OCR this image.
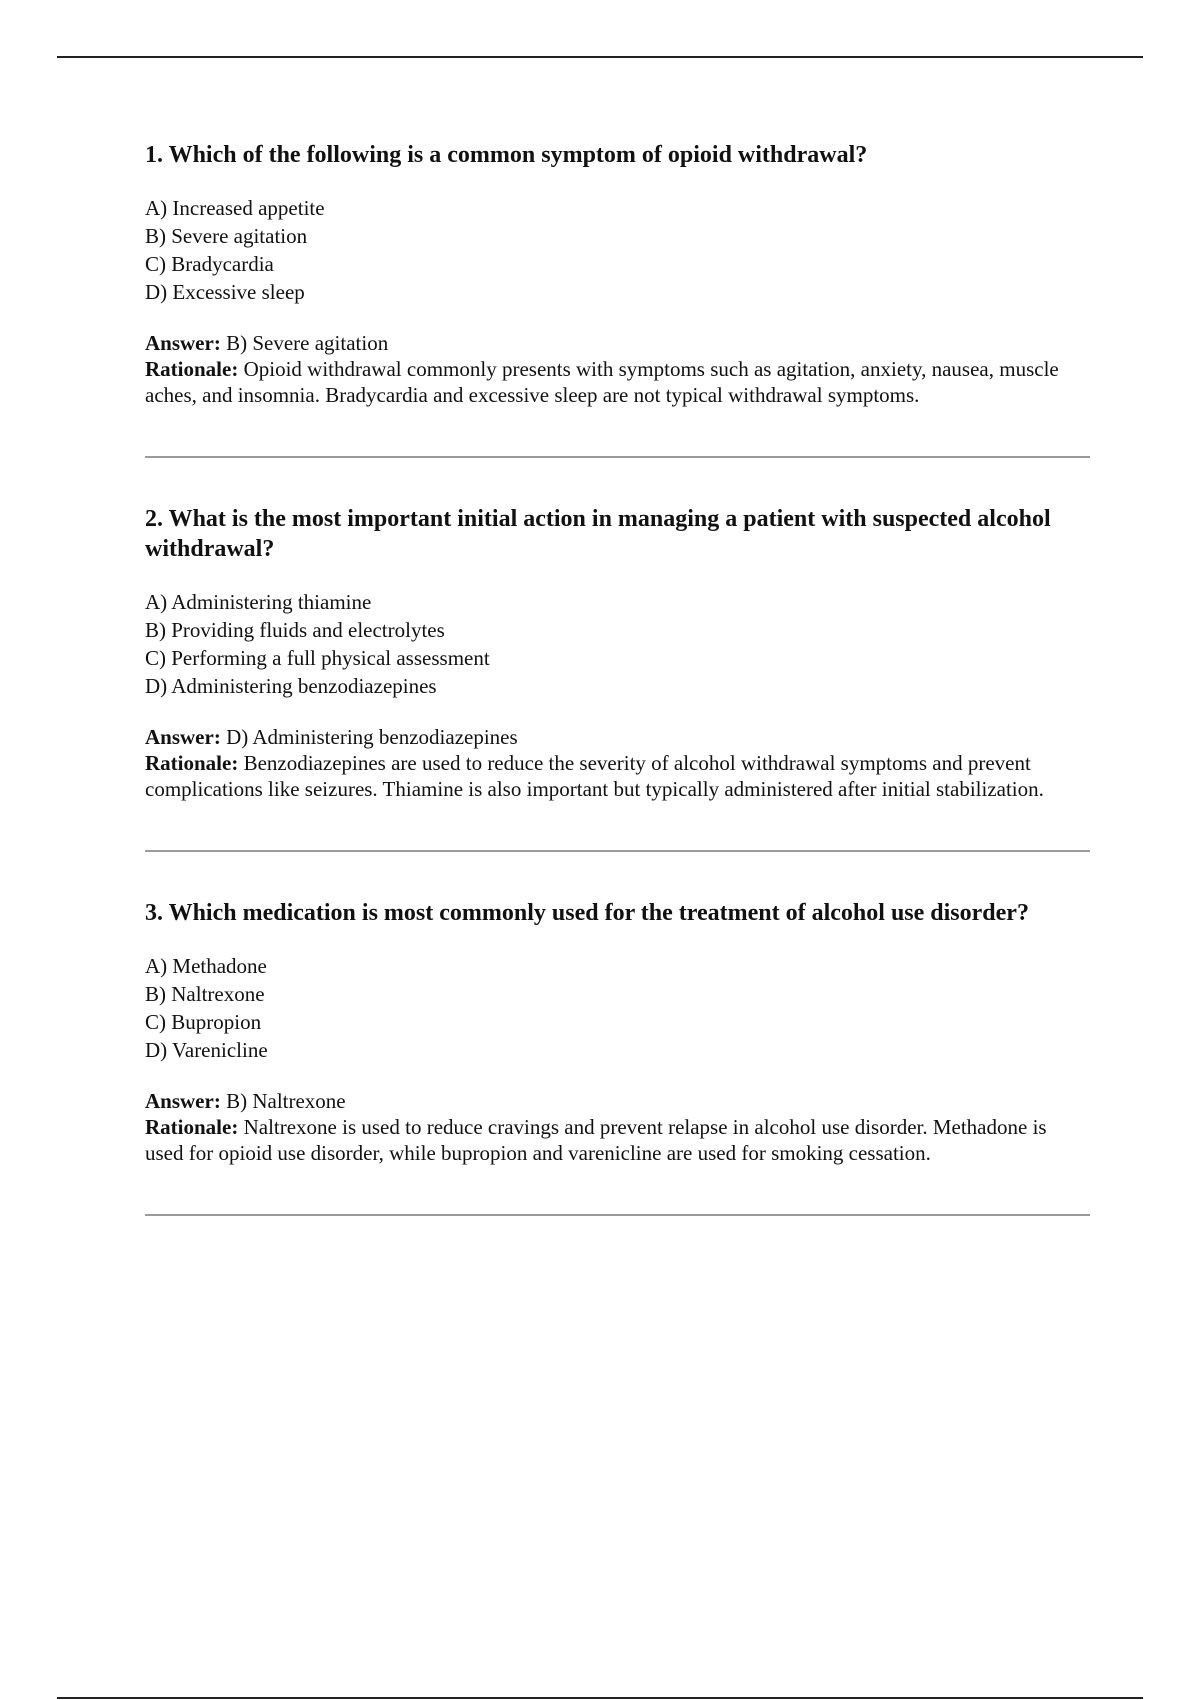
1. Which of the following is a common symptom of opioid withdrawal?
A) Increased appetite
B) Severe agitation
C) Bradycardia
D) Excessive sleep

Answer: B) Severe agitation

Rationale: Opioid withdrawal commonly presents with symptoms such as agitation, anxiety, nausea, muscle aches, and insomnia. Bradycardia and excessive sleep are not typical withdrawal symptoms.

2. What is the most important initial action in managing a patient with suspected alcohol withdrawal?
A) Administering thiamine
B) Providing fluids and electrolytes
C) Performing a full physical assessment
D) Administering benzodiazepines

Answer: D) Administering benzodiazepines

Rationale: Benzodiazepines are used to reduce the severity of alcohol withdrawal symptoms and prevent complications like seizures. Thiamine is also important but typically administered after initial stabilization.

3. Which medication is most commonly used for the treatment of alcohol use disorder?
A) Methadone
B) Naltrexone
C) Bupropion
D) Varenicline

Answer: B) Naltrexone

Rationale: Naltrexone is used to reduce cravings and prevent relapse in alcohol use disorder. Methadone is used for opioid use disorder, while bupropion and varenicline are used for smoking cessation.
